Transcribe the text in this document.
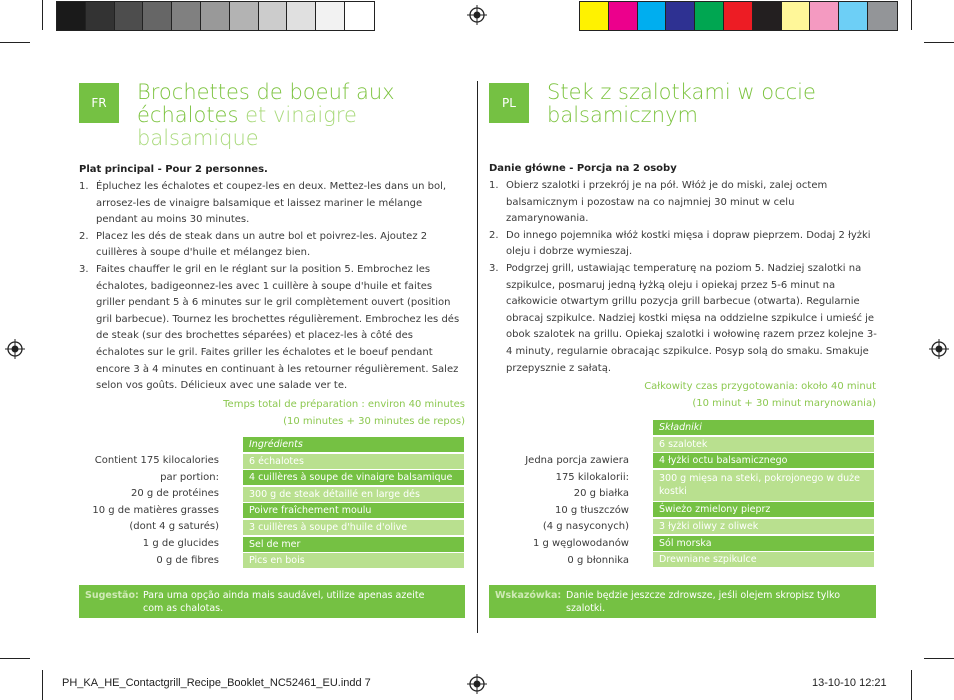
FR	Brochettes de boeuf aux
échalotes et vinaigre balsamique
Plat principal - Pour 2 personnes.
1. Épluchez les échalotes et coupez-les en deux. Mettez-les dans un bol, arrosez-les de vinaigre balsamique et laissez mariner le mélange pendant au moins 30 minutes.
2. Placez les dés de steak dans un autre bol et poivrez-les. Ajoutez 2 cuillères à soupe d'huile et mélangez bien.
3. Faites chauffer le gril en le réglant sur la position 5. Embrochez les échalotes, badigeonnez-les avec 1 cuillère à soupe d'huile et faites griller pendant 5 à 6 minutes sur le gril complètement ouvert (position gril barbecue). Tournez les brochettes régulièrement. Embrochez les dés de steak (sur des brochettes séparées) et placez-les à côté des échalotes sur le gril. Faites griller les échalotes et le boeuf pendant encore 3 à 4 minutes en continuant à les retourner régulièrement. Salez selon vos goûts. Délicieux avec une salade ver te.
Temps total de préparation : environ 40 minutes
(10 minutes + 30 minutes de repos)
Contient 175 kilocalories
par portion:
20 g de protéines
10 g de matières grasses
(dont 4 g saturés)
1 g de glucides
0 g de fibres
Ingrédients
6 échalotes
4 cuillères à soupe de vinaigre balsamique
300 g de steak détaillé en large dés
Poivre fraîchement moulu
3 cuillères à soupe d'huile d'olive
Sel de mer
Pics en bois
Sugestão: Para uma opção ainda mais saudável, utilize apenas azeite
com as chalotas.
PL	Stek z szalotkami w occie
balsamicznym
Danie główne - Porcja na 2 osoby
1. Obierz szalotki i przekrój je na pół. Włóż je do miski, zalej octem balsamicznym i pozostaw na co najmniej 30 minut w celu zamarynowania.
2. Do innego pojemnika włóż kostki mięsa i dopraw pieprzem. Dodaj 2 łyżki oleju i dobrze wymieszaj.
3. Podgrzej grill, ustawiając temperaturę na poziom 5. Nadziej szalotki na szpikulce, posmaruj jedną łyżką oleju i opiekaj przez 5-6 minut na całkowicie otwartym grillu pozycja grill barbecue (otwarta). Regularnie obracaj szpikulce. Nadziej kostki mięsa na oddzielne szpikulce i umieść je obok szalotek na grillu. Opiekaj szalotki i wołowinę razem przez kolejne 3-4 minuty, regularnie obracając szpikulce. Posyp solą do smaku. Smakuje przepysznie z sałatą.
Całkowity czas przygotowania: około 40 minut
(10 minut + 30 minut marynowania)
Jedna porcja zawiera
175 kilokalorii:
20 g białka
10 g tłuszczów
(4 g nasyconych)
1 g węglowodanów
0 g błonnika
Składniki
6 szalotek
4 łyżki octu balsamicznego
300 g mięsa na steki, pokrojonego w duże kostki
Świeżo zmielony pieprz
3 łyżki oliwy z oliwek
Sól morska
Drewniane szpikulce
Wskazówka: Danie będzie jeszcze zdrowsze, jeśli olejem skropisz tylko
szalotki.
PH_KA_HE_Contactgrill_Recipe_Booklet_NC52461_EU.indd 7	13-10-10 12:21
